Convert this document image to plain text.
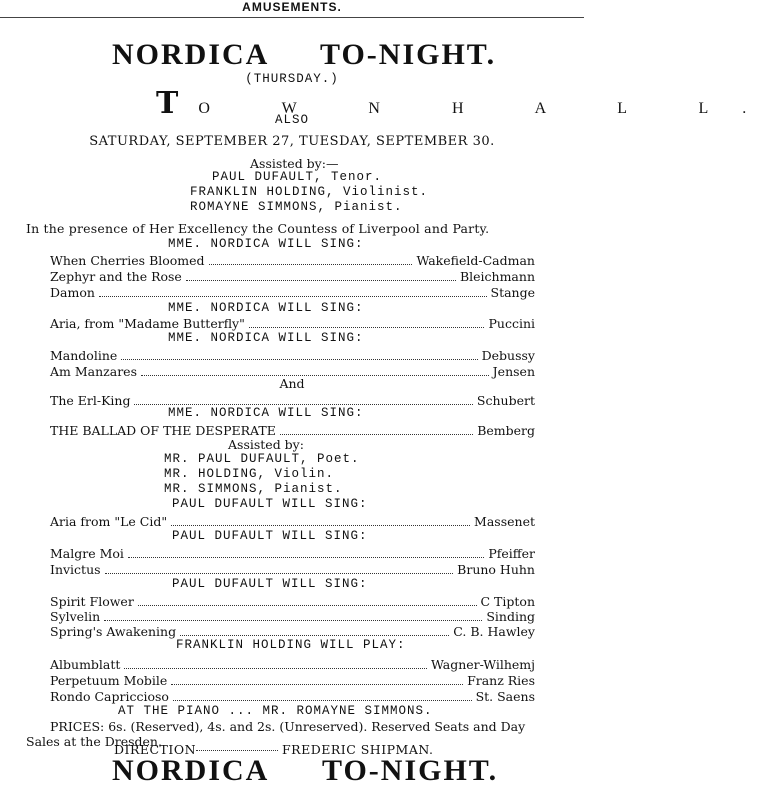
AMUSEMENTS.
NORDICA TO-NIGHT.
(THURSDAY.)
T O W N H A L L.
ALSO
SATURDAY, SEPTEMBER 27, TUESDAY, SEPTEMBER 30.
Assisted by:—
PAUL DUFAULT, Tenor.
FRANKLIN HOLDING, Violinist.
ROMAYNE SIMMONS, Pianist.
In the presence of Her Excellency the Countess of Liverpool and Party.
MME. NORDICA WILL SING:
When Cherries Bloomed	Wakefield-Cadman
Zephyr and the Rose	Bleichmann
Damon	Stange
MME. NORDICA WILL SING:
Aria, from "Madame Butterfly"	Puccini
MME. NORDICA WILL SING:
Mandoline	Debussy
Am Manzares	Jensen
And
The Erl-King	Schubert
MME. NORDICA WILL SING:
THE BALLAD OF THE DESPERATE	Bemberg
Assisted by:
MR. PAUL DUFAULT, Poet.
MR. HOLDING, Violin.
MR. SIMMONS, Pianist.
PAUL DUFAULT WILL SING:
Aria from "Le Cid"	Massenet
PAUL DUFAULT WILL SING:
Malgre Moi	Pfeiffer
Invictus	Bruno Huhn
PAUL DUFAULT WILL SING:
Spirit Flower	C Tipton
Sylvelin	Sinding
Spring's Awakening	C. B. Hawley
FRANKLIN HOLDING WILL PLAY:
Albumblatt	Wagner-Wilhemj
Perpetuum Mobile	Franz Ries
Rondo Capriccioso	St. Saens
AT THE PIANO ... MR. ROMAYNE SIMMONS.
PRICES: 6s. (Reserved), 4s. and 2s. (Unreserved). Reserved Seats and Day
Sales at the Dresden.
DIRECTION	FREDERIC SHIPMAN.
NORDICA TO-NIGHT.
